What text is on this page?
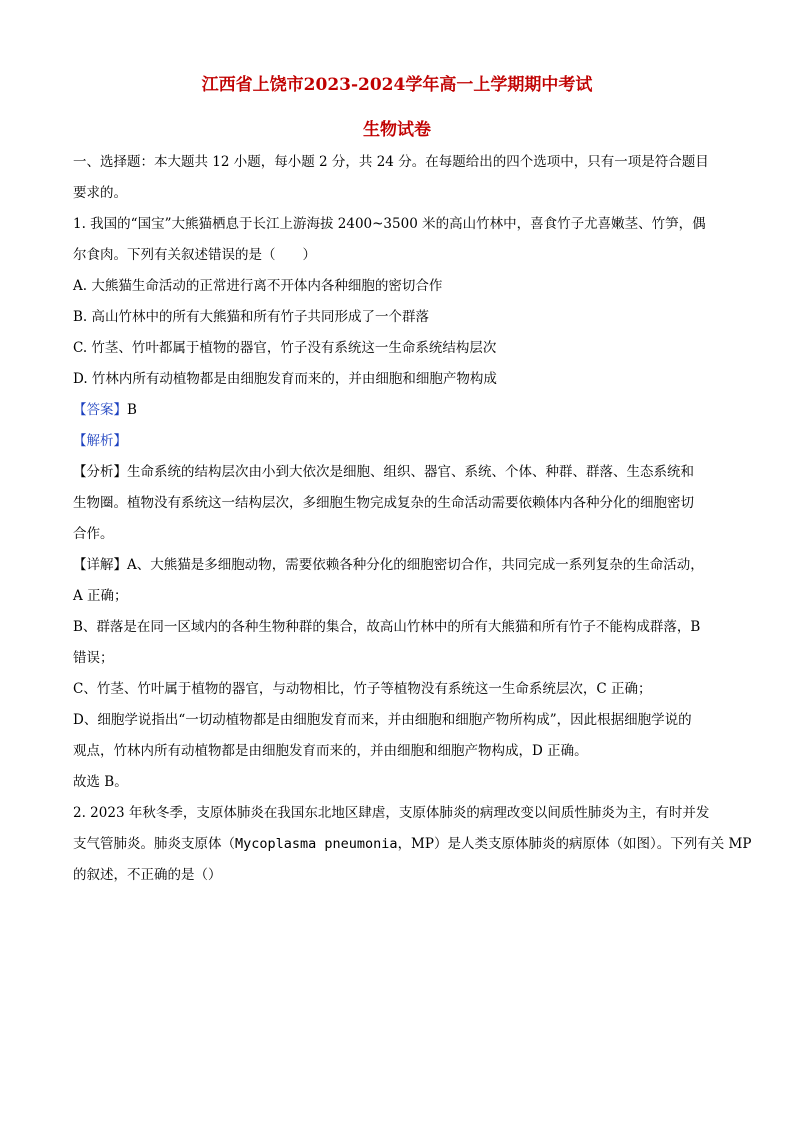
江西省上饶市2023-2024学年高一上学期期中考试
生物试卷
一、选择题：本大题共 12 小题，每小题 2 分，共 24 分。在每题给出的四个选项中，只有一项是符合题目
要求的。
1. 我国的“国宝”大熊猫栖息于长江上游海拔 2400~3500 米的高山竹林中，喜食竹子尤喜嫩茎、竹笋，偶
尔食肉。下列有关叙述错误的是（　　）
A. 大熊猫生命活动的正常进行离不开体内各种细胞的密切合作
B. 高山竹林中的所有大熊猫和所有竹子共同形成了一个群落
C. 竹茎、竹叶都属于植物的器官，竹子没有系统这一生命系统结构层次
D. 竹林内所有动植物都是由细胞发育而来的，并由细胞和细胞产物构成
【答案】B
【解析】
【分析】生命系统的结构层次由小到大依次是细胞、组织、器官、系统、个体、种群、群落、生态系统和
生物圈。植物没有系统这一结构层次，多细胞生物完成复杂的生命活动需要依赖体内各种分化的细胞密切
合作。
【详解】A、大熊猫是多细胞动物，需要依赖各种分化的细胞密切合作，共同完成一系列复杂的生命活动，
A 正确；
B、群落是在同一区域内的各种生物种群的集合，故高山竹林中的所有大熊猫和所有竹子不能构成群落，B
错误；
C、竹茎、竹叶属于植物的器官，与动物相比，竹子等植物没有系统这一生命系统层次，C 正确；
D、细胞学说指出“一切动植物都是由细胞发育而来，并由细胞和细胞产物所构成”，因此根据细胞学说的
观点，竹林内所有动植物都是由细胞发育而来的，并由细胞和细胞产物构成，D 正确。
故选 B。
2. 2023 年秋冬季，支原体肺炎在我国东北地区肆虐，支原体肺炎的病理改变以间质性肺炎为主，有时并发
支气管肺炎。肺炎支原体（Mycoplasma pneumonia，MP）是人类支原体肺炎的病原体（如图）。下列有关 MP
的叙述，不正确的是（）
